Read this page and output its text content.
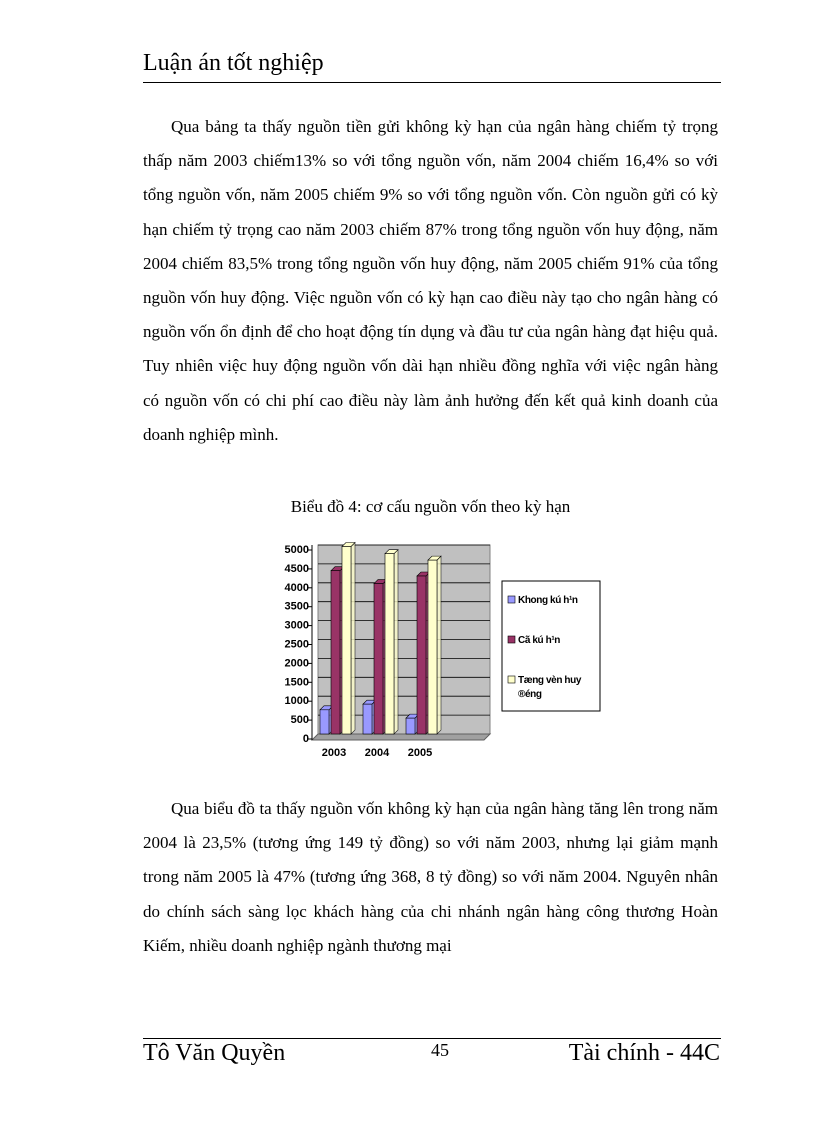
Luận án tốt nghiệp

Qua bảng ta thấy nguồn tiền gửi không kỳ hạn của ngân hàng chiếm tỷ trọng thấp năm 2003 chiếm13% so với tổng nguồn vốn, năm 2004 chiếm 16,4% so với tổng nguồn vốn, năm 2005 chiếm 9% so với tổng nguồn vốn. Còn nguồn gửi có kỳ hạn chiếm tỷ trọng cao năm 2003 chiếm 87% trong tổng nguồn vốn huy động, năm 2004 chiếm 83,5% trong tổng nguồn vốn huy động, năm 2005 chiếm 91% của tổng nguồn vốn huy động. Việc nguồn vốn có kỳ hạn cao điều này tạo cho ngân hàng có nguồn vốn ổn định để cho hoạt động tín dụng và đầu tư của ngân hàng đạt hiệu quả. Tuy nhiên việc huy động nguồn vốn dài hạn nhiều đồng nghĩa với việc ngân hàng có nguồn vốn có chi phí cao điều này làm ảnh hưởng đến kết quả kinh doanh của doanh nghiệp mình.

Biểu đồ 4: cơ cấu nguồn vốn theo kỳ hạn
0
500
1000
1500
2000
2500
3000
3500
4000
4500
5000
2003 2004 2005
Khong kú h¹n
Cã kú h¹n
Tæng vèn huy
®éng

Qua biểu đồ ta thấy nguồn vốn không kỳ hạn của ngân hàng tăng lên trong năm 2004 là 23,5% (tương ứng 149 tỷ đồng) so với năm 2003, nhưng lại giảm mạnh trong năm 2005 là 47% (tương ứng 368, 8 tỷ đồng) so với năm 2004. Nguyên nhân do chính sách sàng lọc khách hàng của chi nhánh ngân hàng công thương Hoàn Kiếm, nhiều doanh nghiệp ngành thương mại

Tô Văn Quyền	45	Tài chính - 44C
